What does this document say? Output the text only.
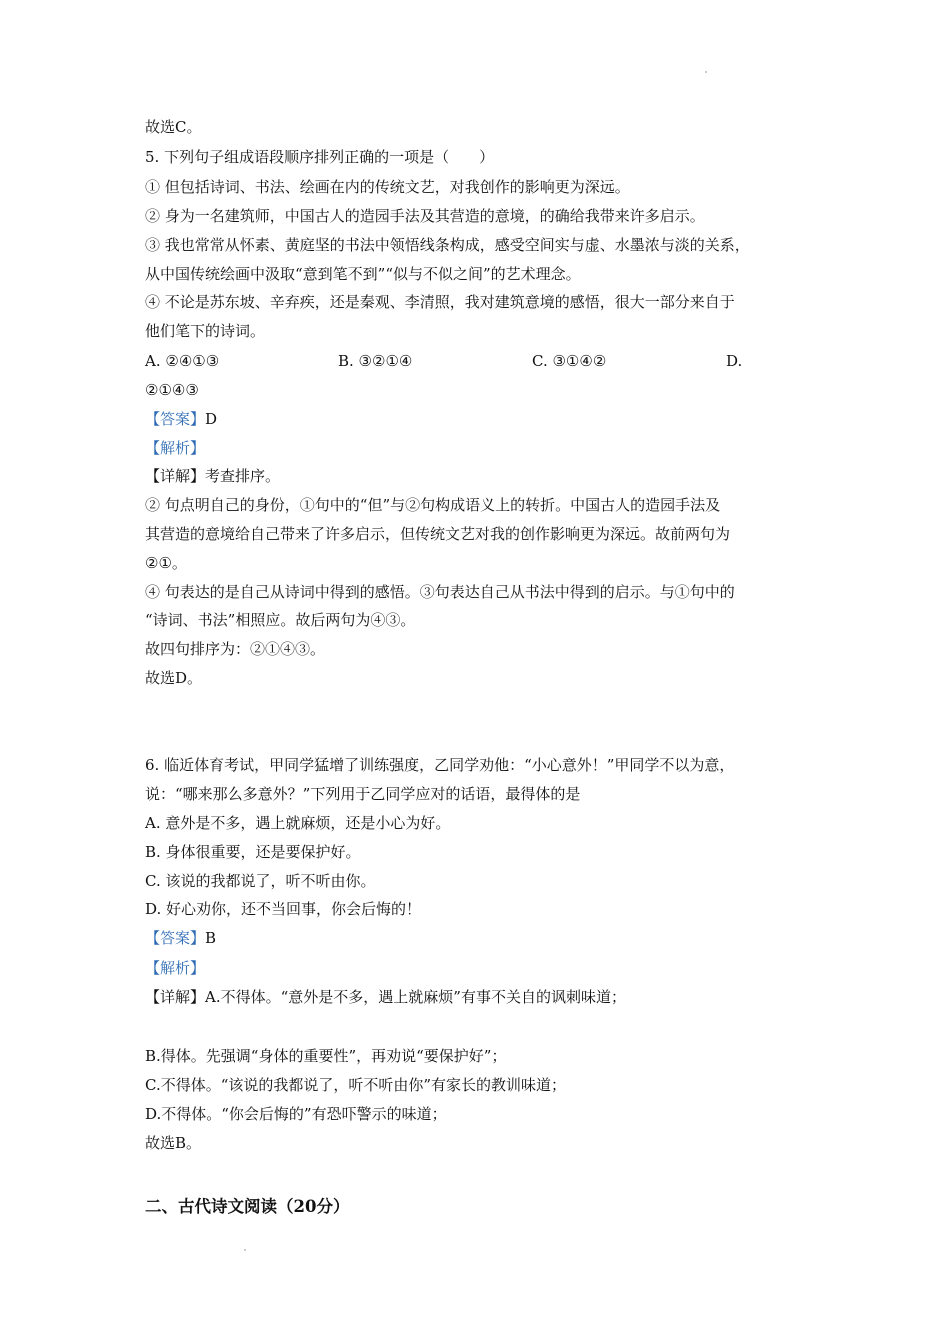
故选C。
5. 下列句子组成语段顺序排列正确的一项是（　　）
① 但包括诗词、书法、绘画在内的传统文艺，对我创作的影响更为深远。
② 身为一名建筑师，中国古人的造园手法及其营造的意境，的确给我带来许多启示。
③ 我也常常从怀素、黄庭坚的书法中领悟线条构成，感受空间实与虚、水墨浓与淡的关系，
从中国传统绘画中汲取“意到笔不到”“似与不似之间”的艺术理念。
④ 不论是苏东坡、辛弃疾，还是秦观、李清照，我对建筑意境的感悟，很大一部分来自于
他们笔下的诗词。
A. ②④①③	B. ③②①④	C. ③①④②	D.
②①④③
【答案】D
【解析】
【详解】考查排序。
② 句点明自己的身份，①句中的“但”与②句构成语义上的转折。中国古人的造园手法及
其营造的意境给自己带来了许多启示，但传统文艺对我的创作影响更为深远。故前两句为
②①。
④ 句表达的是自己从诗词中得到的感悟。③句表达自己从书法中得到的启示。与①句中的
“诗词、书法”相照应。故后两句为④③。
故四句排序为：②①④③。
故选D。
6. 临近体育考试，甲同学猛增了训练强度，乙同学劝他：“小心意外！”甲同学不以为意，
说：“哪来那么多意外？”下列用于乙同学应对的话语，最得体的是
A. 意外是不多，遇上就麻烦，还是小心为好。
B. 身体很重要，还是要保护好。
C. 该说的我都说了，听不听由你。
D. 好心劝你，还不当回事，你会后悔的！
【答案】B
【解析】
【详解】A.不得体。“意外是不多，遇上就麻烦”有事不关自的讽刺味道；
B.得体。先强调“身体的重要性”，再劝说“要保护好”；
C.不得体。“该说的我都说了，听不听由你”有家长的教训味道；
D.不得体。“你会后悔的”有恐吓警示的味道；
故选B。
二、古代诗文阅读（20分）
